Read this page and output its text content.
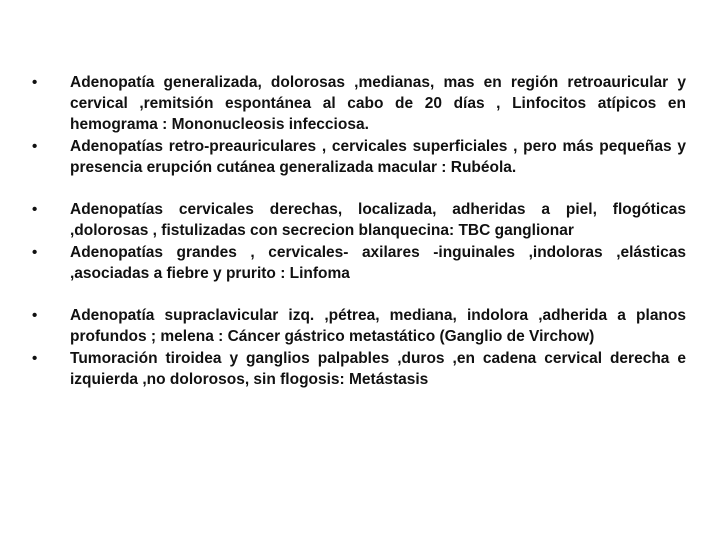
• Adenopatía generalizada, dolorosas ,medianas, mas en región retroauricular y cervical ,remitsión espontánea al cabo de 20 días , Linfocitos atípicos en hemograma : Mononucleosis infecciosa.
• Adenopatías retro-preauriculares , cervicales superficiales , pero más pequeñas y presencia erupción cutánea generalizada macular : Rubéola.
• Adenopatías cervicales derechas, localizada, adheridas a piel, flogóticas ,dolorosas , fistulizadas con secrecion blanquecina: TBC ganglionar
• Adenopatías grandes , cervicales- axilares -inguinales ,indoloras ,elásticas ,asociadas a fiebre y prurito : Linfoma
• Adenopatía supraclavicular izq. ,pétrea, mediana, indolora ,adherida a planos profundos ; melena : Cáncer gástrico metastático (Ganglio de Virchow)
• Tumoración tiroidea y ganglios palpables ,duros ,en cadena cervical derecha e izquierda ,no dolorosos, sin flogosis: Metástasis
